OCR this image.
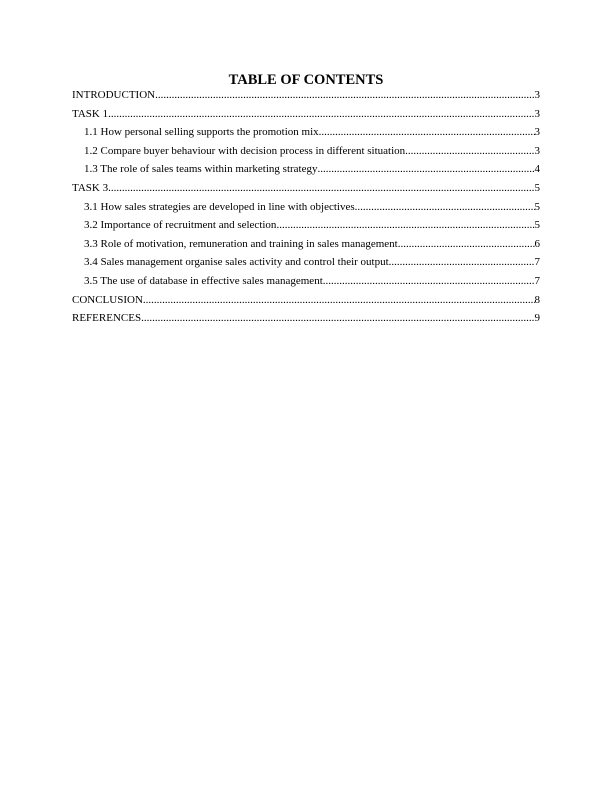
TABLE OF CONTENTS
INTRODUCTION .....	3
TASK 1 .....	3
1.1 How personal selling supports the promotion mix .....	3
1.2 Compare buyer behaviour with decision process in different situation .....	3
1.3 The role of sales teams within marketing strategy .....	4
TASK 3 .....	5
3.1 How sales strategies are developed in line with objectives .....	5
3.2 Importance of recruitment and selection .....	5
3.3 Role of motivation, remuneration and training in sales management .....	6
3.4 Sales management organise sales activity and control their output .....	7
3.5 The use of database in effective sales management .....	7
CONCLUSION .....	8
REFERENCES .....	9
